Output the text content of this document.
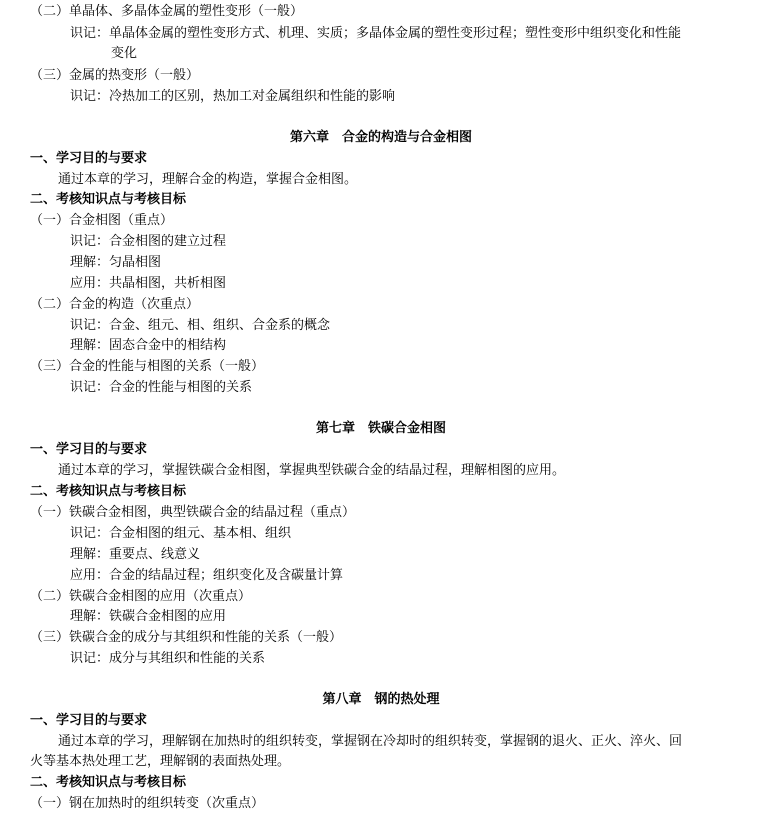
（二）单晶体、多晶体金属的塑性变形（一般）
识记：单晶体金属的塑性变形方式、机理、实质；多晶体金属的塑性变形过程；塑性变形中组织变化和性能
变化
（三）金属的热变形（一般）
识记：冷热加工的区别，热加工对金属组织和性能的影响
第六章　合金的构造与合金相图
一、学习目的与要求
通过本章的学习，理解合金的构造，掌握合金相图。
二、考核知识点与考核目标
（一）合金相图（重点）
识记：合金相图的建立过程
理解：匀晶相图
应用：共晶相图，共析相图
（二）合金的构造（次重点）
识记：合金、组元、相、组织、合金系的概念
理解：固态合金中的相结构
（三）合金的性能与相图的关系（一般）
识记：合金的性能与相图的关系
第七章　铁碳合金相图
一、学习目的与要求
通过本章的学习，掌握铁碳合金相图，掌握典型铁碳合金的结晶过程，理解相图的应用。
二、考核知识点与考核目标
（一）铁碳合金相图，典型铁碳合金的结晶过程（重点）
识记：合金相图的组元、基本相、组织
理解：重要点、线意义
应用：合金的结晶过程；组织变化及含碳量计算
（二）铁碳合金相图的应用（次重点）
理解：铁碳合金相图的应用
（三）铁碳合金的成分与其组织和性能的关系（一般）
识记：成分与其组织和性能的关系
第八章　钢的热处理
一、学习目的与要求
通过本章的学习，理解钢在加热时的组织转变，掌握钢在冷却时的组织转变，掌握钢的退火、正火、淬火、回
火等基本热处理工艺，理解钢的表面热处理。
二、考核知识点与考核目标
（一）钢在加热时的组织转变（次重点）
